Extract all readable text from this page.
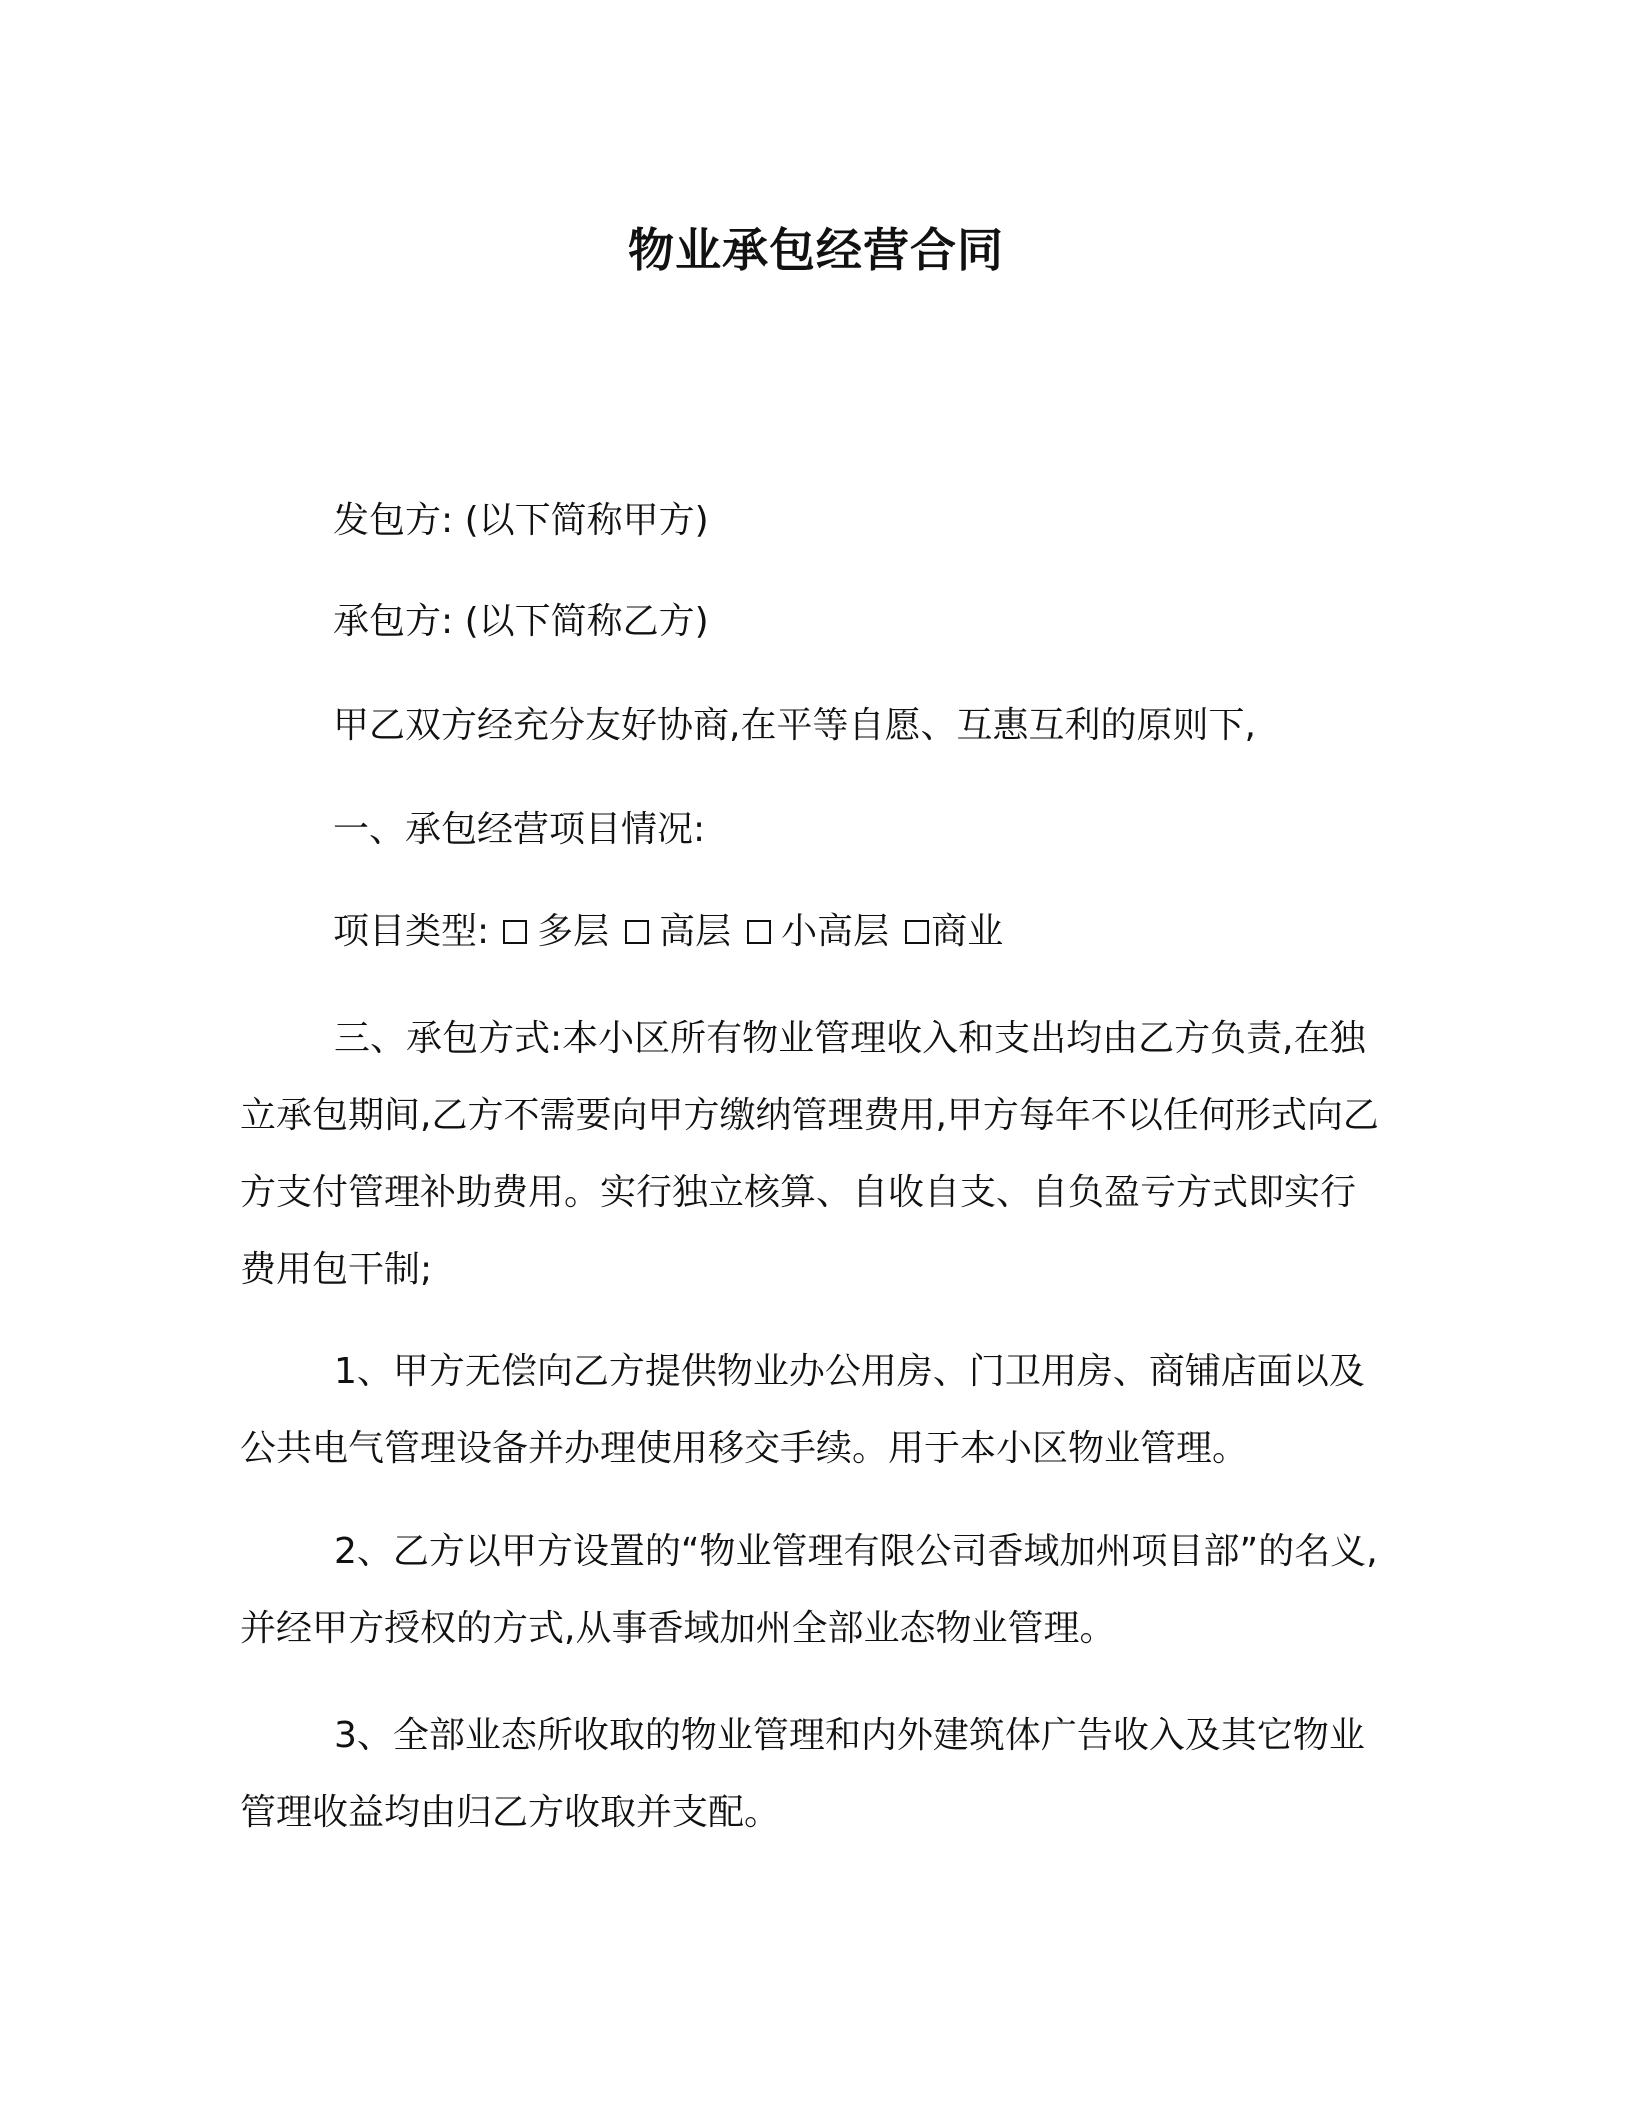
物业承包经营合同
发包方: (以下简称甲方)
承包方: (以下简称乙方)
甲乙双方经充分友好协商,在平等自愿、互惠互利的原则下,
一、承包经营项目情况:
项目类型: 多层 高层 小高层 商业
三、承包方式:本小区所有物业管理收入和支出均由乙方负责,在独立承包期间,乙方不需要向甲方缴纳管理费用,甲方每年不以任何形式向乙方支付管理补助费用。实行独立核算、自收自支、自负盈亏方式即实行费用包干制;
1、甲方无偿向乙方提供物业办公用房、门卫用房、商铺店面以及公共电气管理设备并办理使用移交手续。用于本小区物业管理。
2、乙方以甲方设置的“物业管理有限公司香域加州项目部”的名义,并经甲方授权的方式,从事香域加州全部业态物业管理。
3、全部业态所收取的物业管理和内外建筑体广告收入及其它物业管理收益均由归乙方收取并支配。
